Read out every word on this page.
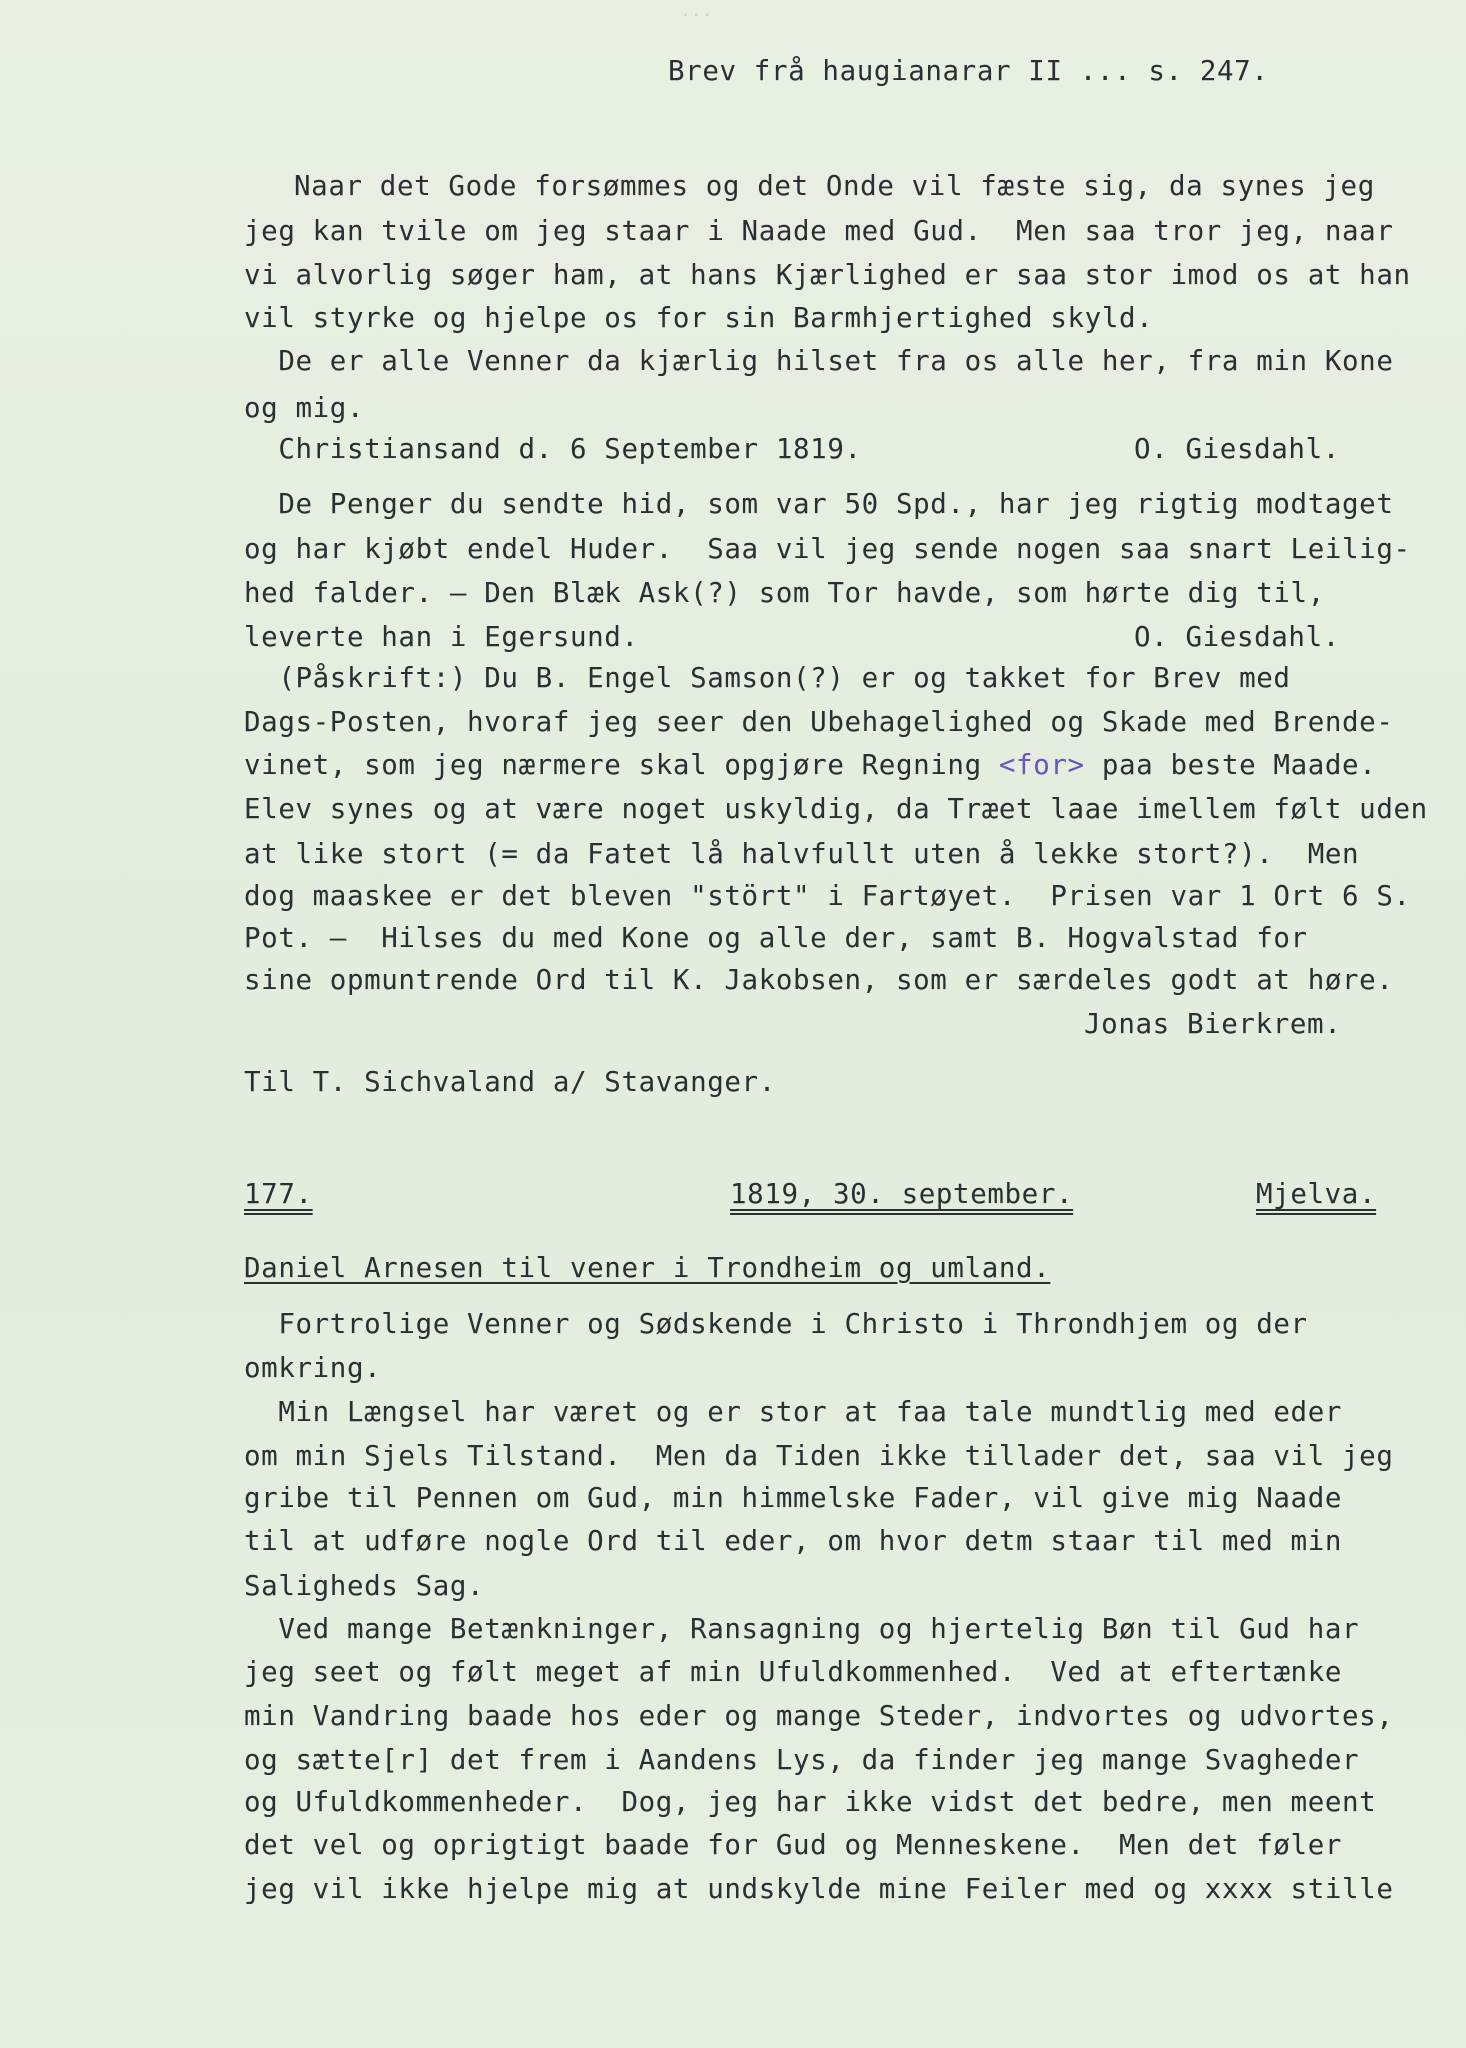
...
Brev frå haugianarar II ... s. 247.
Naar det Gode forsømmes og det Onde vil fæste sig, da synes jeg
jeg kan tvile om jeg staar i Naade med Gud.  Men saa tror jeg, naar
vi alvorlig søger ham, at hans Kjærlighed er saa stor imod os at han
vil styrke og hjelpe os for sin Barmhjertighed skyld.
De er alle Venner da kjærlig hilset fra os alle her, fra min Kone
og mig.
Christiansand d. 6 September 1819.	O. Giesdahl.
De Penger du sendte hid, som var 50 Spd., har jeg rigtig modtaget
og har kjøbt endel Huder.  Saa vil jeg sende nogen saa snart Leilig-
hed falder. — Den Blæk Ask(?) som Tor havde, som hørte dig til,
leverte han i Egersund.	O. Giesdahl.
(Påskrift:) Du B. Engel Samson(?) er og takket for Brev med
Dags-Posten, hvoraf jeg seer den Ubehagelighed og Skade med Brende-
vinet, som jeg nærmere skal opgjøre Regning <for> paa beste Maade.
Elev synes og at være noget uskyldig, da Træet laae imellem følt uden
at like stort (= da Fatet lå halvfullt uten å lekke stort?).  Men
dog maaskee er det bleven "stört" i Fartøyet.  Prisen var 1 Ort 6 S.
Pot. —  Hilses du med Kone og alle der, samt B. Hogvalstad for
sine opmuntrende Ord til K. Jakobsen, som er særdeles godt at høre.
Jonas Bierkrem.
Til T. Sichvaland a/ Stavanger.
177.	1819, 30. september.	Mjelva.
Daniel Arnesen til vener i Trondheim og umland.
Fortrolige Venner og Sødskende i Christo i Throndhjem og der
omkring.
Min Længsel har været og er stor at faa tale mundtlig med eder
om min Sjels Tilstand.  Men da Tiden ikke tillader det, saa vil jeg
gribe til Pennen om Gud, min himmelske Fader, vil give mig Naade
til at udføre nogle Ord til eder, om hvor detm staar til med min
Saligheds Sag.
Ved mange Betænkninger, Ransagning og hjertelig Bøn til Gud har
jeg seet og følt meget af min Ufuldkommenhed.  Ved at eftertænke
min Vandring baade hos eder og mange Steder, indvortes og udvortes,
og sætte[r] det frem i Aandens Lys, da finder jeg mange Svagheder
og Ufuldkommenheder.  Dog, jeg har ikke vidst det bedre, men meent
det vel og oprigtigt baade for Gud og Menneskene.  Men det føler
jeg vil ikke hjelpe mig at undskylde mine Feiler med og xxxx stille
